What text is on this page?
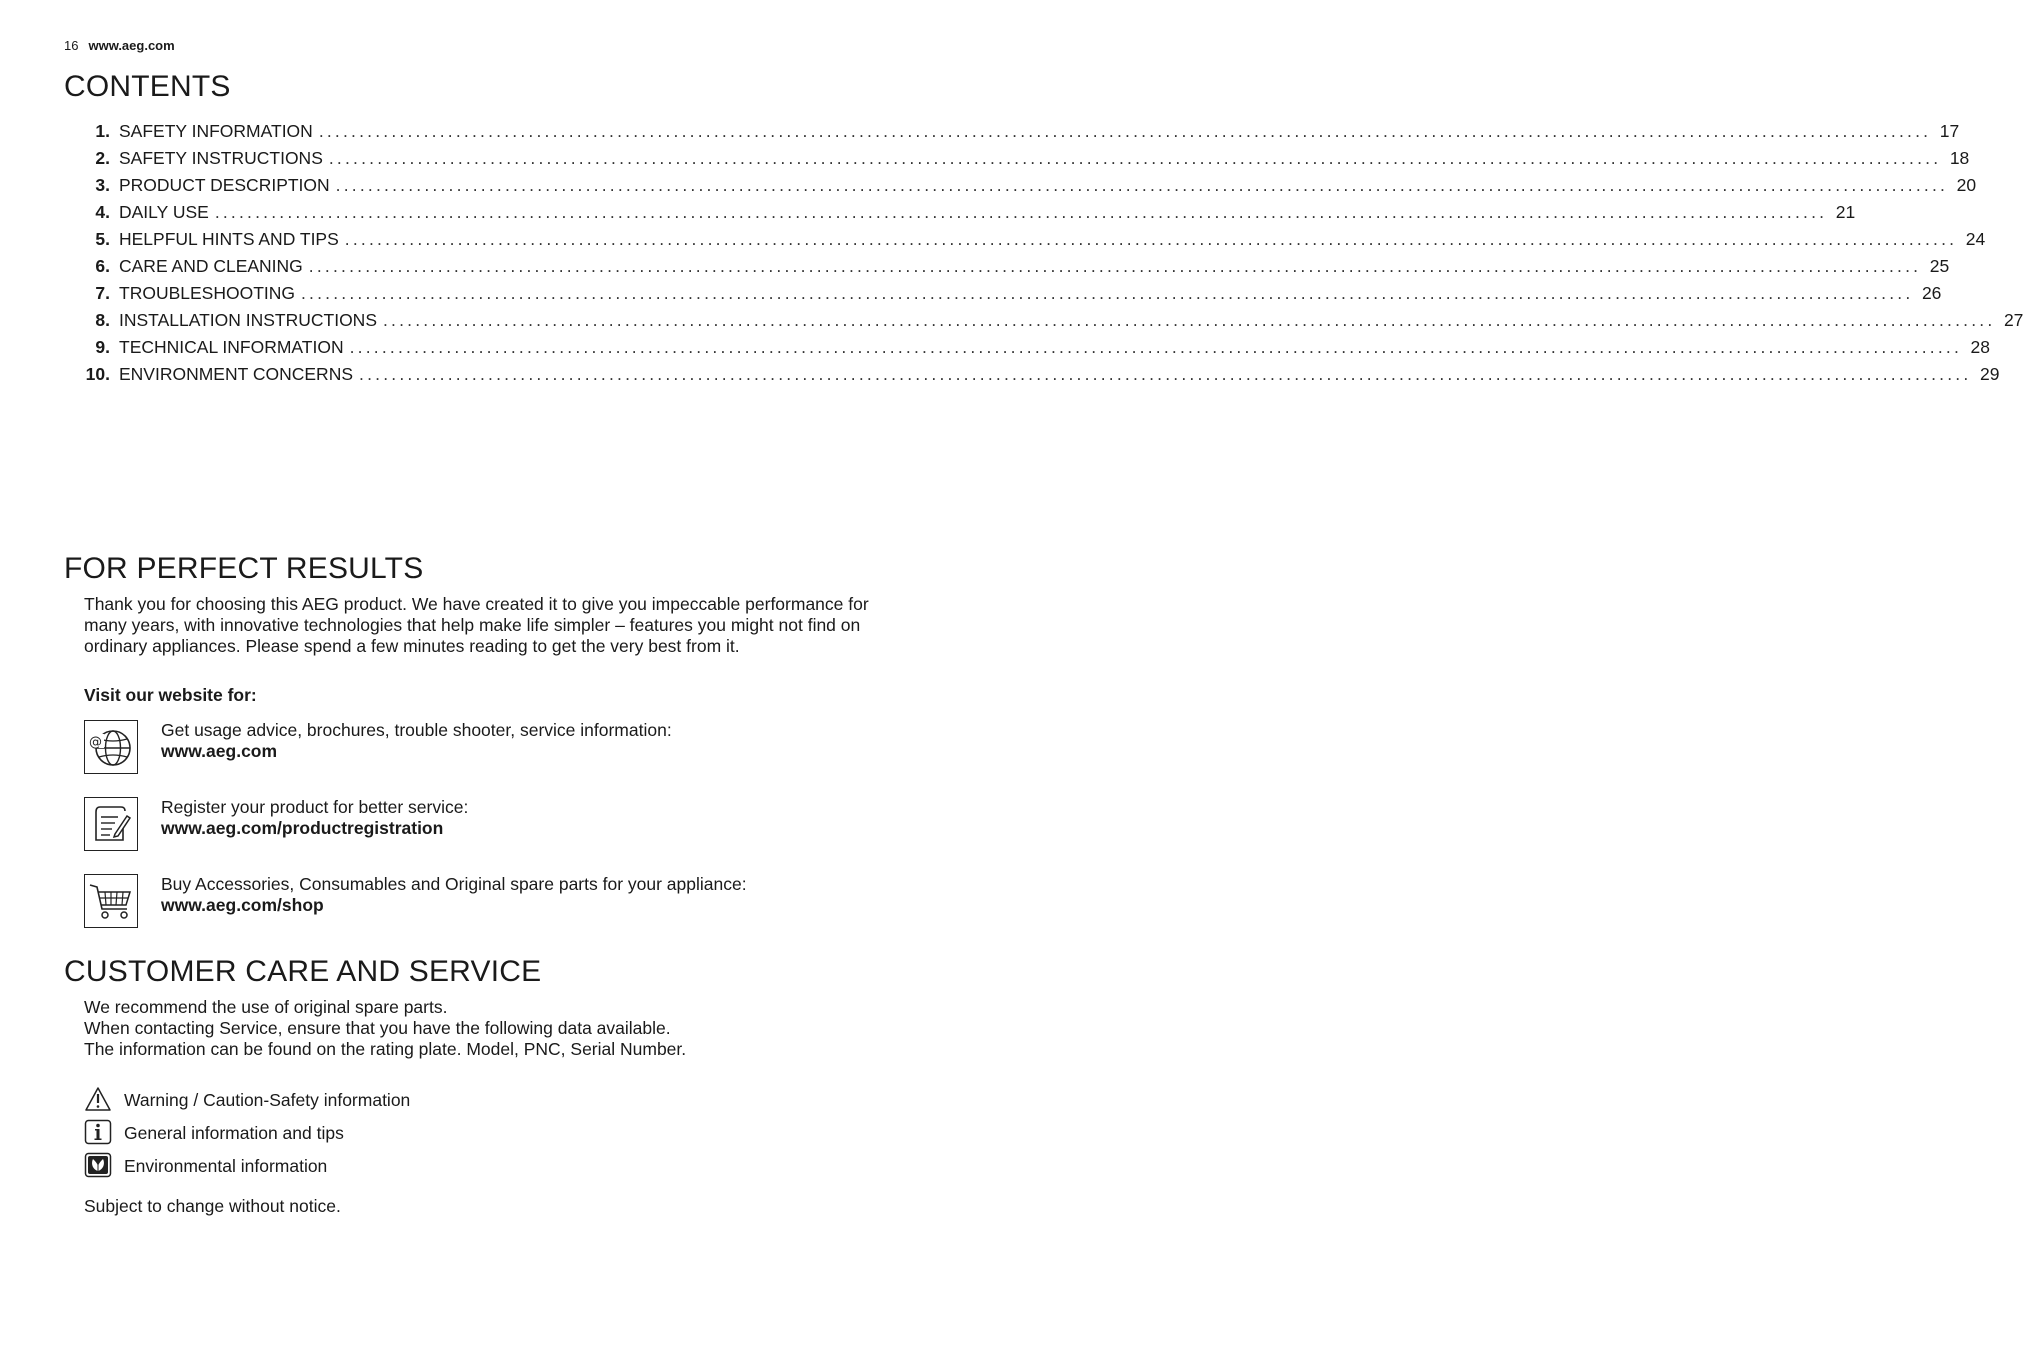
16 www.aeg.com
CONTENTS
1. SAFETY INFORMATION ........................................................................................................................................................................................................ 17
2. SAFETY INSTRUCTIONS ........................................................................................................................................................................................................ 18
3. PRODUCT DESCRIPTION ........................................................................................................................................................................................................ 20
4. DAILY USE ........................................................................................................................................................................................................ 21
5. HELPFUL HINTS AND TIPS ........................................................................................................................................................................................................ 24
6. CARE AND CLEANING ........................................................................................................................................................................................................ 25
7. TROUBLESHOOTING ........................................................................................................................................................................................................ 26
8. INSTALLATION INSTRUCTIONS ........................................................................................................................................................................................................ 27
9. TECHNICAL INFORMATION ........................................................................................................................................................................................................ 28
10. ENVIRONMENT CONCERNS ........................................................................................................................................................................................................ 29
FOR PERFECT RESULTS
Thank you for choosing this AEG product. We have created it to give you impeccable performance for many years, with innovative technologies that help make life simpler – features you might not find on ordinary appliances. Please spend a few minutes reading to get the very best from it.
Visit our website for:
@
Get usage advice, brochures, trouble shooter, service information:
www.aeg.com
Register your product for better service:
www.aeg.com/productregistration
Buy Accessories, Consumables and Original spare parts for your appliance:
www.aeg.com/shop
CUSTOMER CARE AND SERVICE
We recommend the use of original spare parts.
When contacting Service, ensure that you have the following data available.
The information can be found on the rating plate. Model, PNC, Serial Number.
Warning / Caution-Safety information
General information and tips
Environmental information
Subject to change without notice.
